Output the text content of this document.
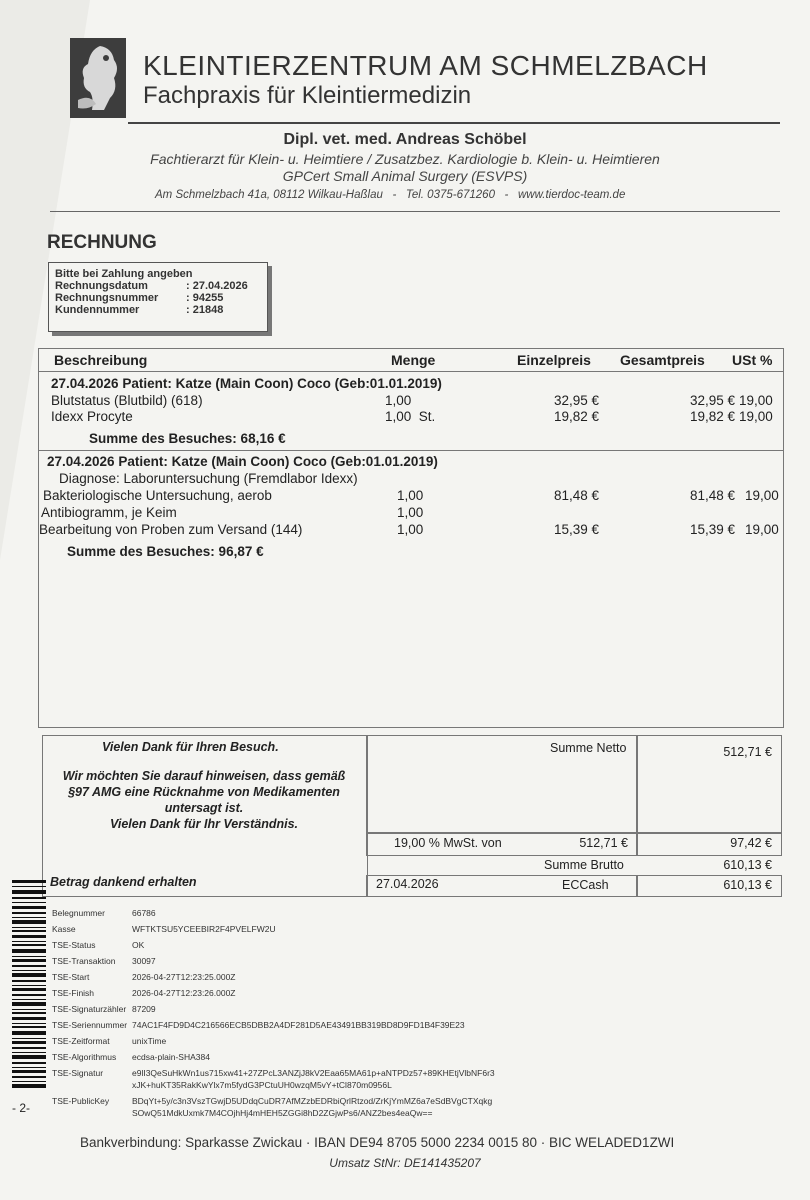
KLEINTIERZENTRUM AM SCHMELZBACH
Fachpraxis für Kleintiermedizin
Dipl. vet. med. Andreas Schöbel
Fachtierarzt für Klein- u. Heimtiere / Zusatzbez. Kardiologie b. Klein- u. Heimtieren
GPCert Small Animal Surgery (ESVPS)
Am Schmelzbach 41a, 08112 Wilkau-Haßlau   -   Tel. 0375-671260   -   www.tierdoc-team.de
RECHNUNG
Bitte bei Zahlung angeben
Rechnungsdatum	: 27.04.2026
Rechnungsnummer	: 94255
Kundennummer	: 21848
Beschreibung	Menge	Einzelpreis Gesamtpreis USt %
27.04.2026 Patient: Katze (Main Coon) Coco (Geb:01.01.2019)
Blutstatus (Blutbild) (618)	1,00	32,95 €	32,95 € 19,00
Idexx Procyte	1,00  St.	19,82 €	19,82 € 19,00
Summe des Besuches: 68,16 €
27.04.2026 Patient: Katze (Main Coon) Coco (Geb:01.01.2019)
Diagnose: Laboruntersuchung (Fremdlabor Idexx)
Bakteriologische Untersuchung, aerob	1,00	81,48 €	81,48 € 19,00
Antibiogramm, je Keim	1,00
Bearbeitung von Proben zum Versand (144)	1,00	15,39 €	15,39 € 19,00
Summe des Besuches: 96,87 €
Vielen Dank für Ihren Besuch.
Wir möchten Sie darauf hinweisen, dass gemäß
§97 AMG eine Rücknahme von Medikamenten
untersagt ist.
Vielen Dank für Ihr Verständnis.
Betrag dankend erhalten
Summe Netto	512,71 €
19,00 % MwSt. von	512,71 €	97,42 €
Summe Brutto	610,13 €
27.04.2026	ECCash	610,13 €
Belegnummer	66786
Kasse	WFTKTSU5YCEEBIR2F4PVELFW2U
TSE-Status	OK
TSE-Transaktion 30097
TSE-Start	2026-04-27T12:23:25.000Z
TSE-Finish	2026-04-27T12:23:26.000Z
TSE-Signaturzähler 87209
TSE-Seriennummer 74AC1F4FD9D4C216566ECB5DBB2A4DF281D5AE43491BB319BD8D9FD1B4F39E23
TSE-Zeitformat	unixTime
TSE-Algorithmus ecdsa-plain-SHA384
TSE-Signatur	e9lI3QeSuHkWn1us715xw41+27ZPcL3ANZjJ8kV2Eaa65MA61p+aNTPDz57+89KHEtjVlbNF6r3
xJK+huKT35RakKwYlx7m5fydG3PCtuUH0wzqM5vY+tCl870m0956L
TSE-PublicKey	BDqYt+5y/c3n3VszTGwjD5UDdqCuDR7AfMZzbEDRbiQrlRtzod/ZrKjYmMZ6a7eSdBVgCTXqkg
SOwQ51MdkUxmk7M4COjhHj4mHEH5ZGGi8hD2ZGjwPs6/ANZ2bes4eaQw==
- 2-
Bankverbindung: Sparkasse Zwickau · IBAN DE94 8705 5000 2234 0015 80 · BIC WELADED1ZWI
Umsatz StNr: DE141435207
